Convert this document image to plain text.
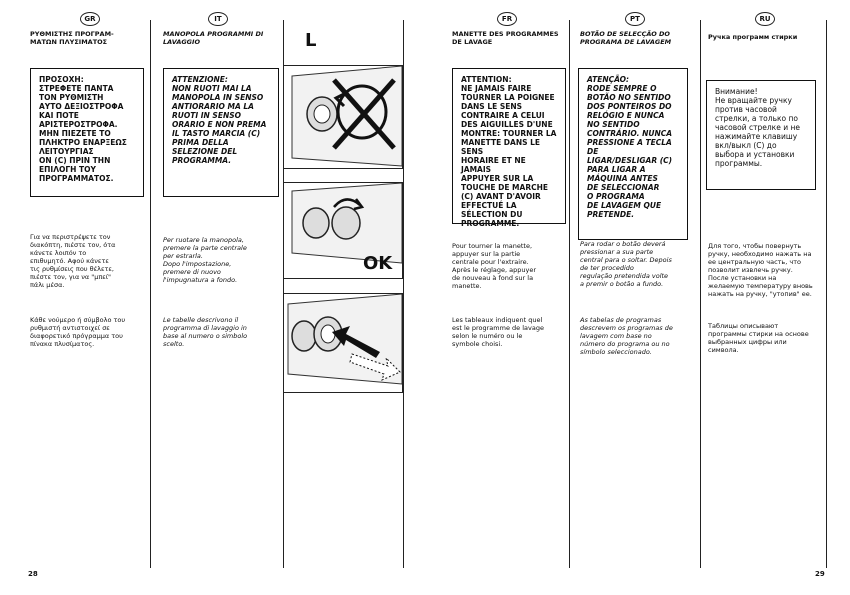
GR	IT	FR	PT	RU
ΡΥΘΜΙΣΤΗΣ ΠΡΟΓΡΑΜ-
ΜΑΤΩΝ ΠΛΥΣΙΜΑΤΟΣ
ΠΡΟΣΟΧΗ:
ΣΤΡΕΦΕΤΕ ΠΑΝΤΑ
ΤΟΝ ΡΥΘΜΙΣΤΗ
ΑΥΤΟ ΔΕΞΙΟΣΤΡΟΦΑ
ΚΑΙ ΠΟΤΕ
ΑΡΙΣΤΕΡΟΣΤΡΟΦΑ.
ΜΗΝ ΠΙΕΖΕΤΕ ΤΟ
ΠΛΗΚΤΡΟ ΕΝΑΡΞΕΩΣ
ΛΕΙΤΟΥΡΓΙΑΣ
ON (C) ΠΡΙΝ ΤΗΝ
ΕΠΙΛΟΓΗ ΤΟΥ
ΠΡΟΓΡΑΜΜΑΤΟΣ.
Για να περιστρέψετε τον
διακόπτη, πιέστε τον, ότα
κάνετε λοιπόν το
επιθυμητό. Αφού κάνετε
τις ρυθμίσεις που θέλετε,
πιέστε τον, για να "μπεί"
πάλι μέσα.
Κάθε νούμερο ή σύμβολο του
ρυθμιστή αντιστοιχεί σε
διαφορετικό πρόγραμμα του
πίνακα πλυσίματος.
MANOPOLA PROGRAMMI DI
LAVAGGIO
ATTENZIONE:
NON RUOTI MAI LA
MANOPOLA IN SENSO
ANTIORARIO MA LA
RUOTI IN SENSO
ORARIO E NON PREMA
IL TASTO MARCIA (C)
PRIMA DELLA
SELEZIONE DEL
PROGRAMMA.
Per ruotare la manopola,
premere la parte centrale
per estrarla.
Dopo l'impostazione,
premere di nuovo
l'impugnatura a fondo.
Le tabelle descrivono il
programma di lavaggio in
base al numero o simbolo
scelto.
L
OK
MANETTE DES PROGRAMMES
DE LAVAGE
ATTENTION:
NE JAMAIS FAIRE
TOURNER LA POIGNEE
DANS LE SENS
CONTRAIRE A CELUI
DES AIGUILLES D'UNE
MONTRE: TOURNER LA
MANETTE DANS LE SENS
HORAIRE ET NE JAMAIS
APPUYER SUR LA
TOUCHE DE MARCHE
(C) AVANT D'AVOIR
EFFECTUÉ LA
SÉLECTION DU
PROGRAMME.
Pour tourner la manette,
appuyer sur la partie
centrale pour l'extraire.
Après le réglage, appuyer
de nouveau à fond sur la
manette.
Les tableaux indiquent quel
est le programme de lavage
selon le numéro ou le
symbole choisi.
BOTÃO DE SELECÇÃO DO
PROGRAMA DE LAVAGEM
ATENÇÃO:
RODE SEMPRE O
BOTÃO NO SENTIDO
DOS PONTEIROS DO
RELÓGIO E NUNCA
NO SENTIDO
CONTRÁRIO. NUNCA
PRESSIONE A TECLA DE
LIGAR/DESLIGAR (C)
PARA LIGAR A
MÁQUINA ANTES
DE SELECCIONAR
O PROGRAMA
DE LAVAGEM QUE
PRETENDE.
Para rodar o botão deverá
pressionar a sua parte
central para o soltar. Depois
de ter procedido
regulação pretendida volte
a premir o botão a fundo.
As tabelas de programas
descrevem os programas de
lavagem com base no
número do programa ou no
símbolo seleccionado.
Ручка программ стирки
Внимание!
Не вращайте ручку
против часовой
стрелки, а только по
часовой стрелке и не
нажимайте клавишу
вкл/выкл (С) до
выбора и установки
программы.
Для того, чтобы повернуть
ручку, необходимо нажать на
ее центральную часть, что
позволит извлечь ручку.
После установки на
желаемую температуру вновь
нажать на ручку, "утопив" ее.
Таблицы описывают
программы стирки на основе
выбранных цифры или
символа.
28	29
